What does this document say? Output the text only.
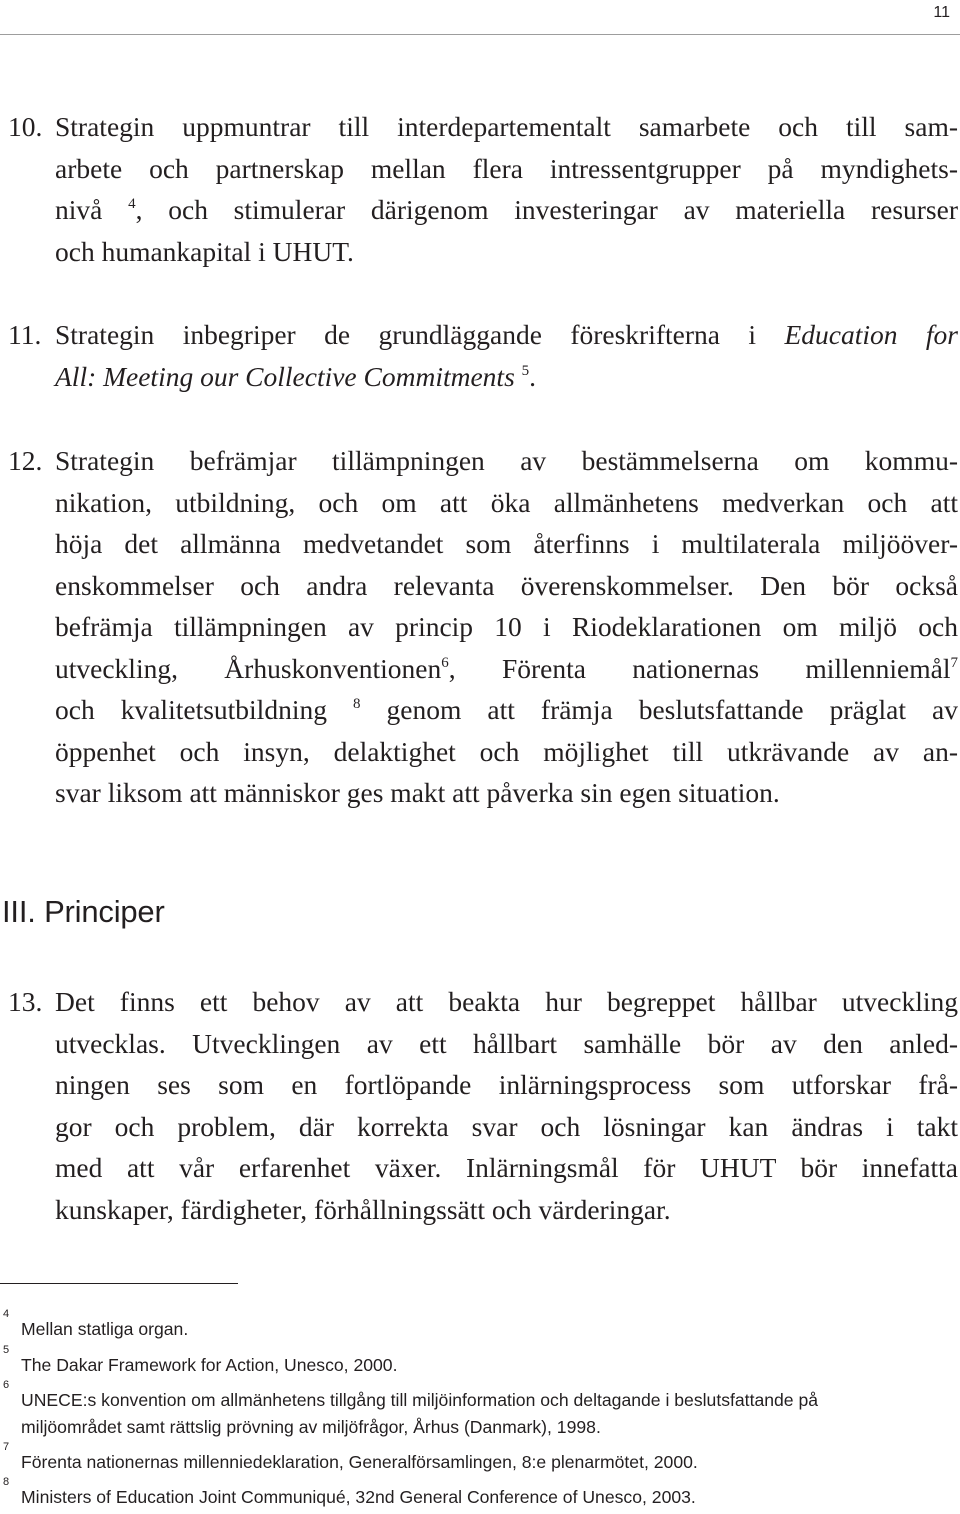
11
10. Strategin uppmuntrar till interdepartementalt samarbete och till sam-
arbete och partnerskap mellan flera intressentgrupper på myndighets-
nivå $^4$, och stimulerar därigenom investeringar av materiella resurser
och humankapital i UHUT.
11. Strategin inbegriper de grundläggande föreskrifterna i Education for
All: Meeting our Collective Commitments $^5$.
12. Strategin befrämjar tillämpningen av bestämmelserna om kommu-
nikation, utbildning, och om att öka allmänhetens medverkan och att
höja det allmänna medvetandet som återfinns i multilaterala miljööver-
enskommelser och andra relevanta överenskommelser. Den bör också
befrämja tillämpningen av princip 10 i Riodeklarationen om miljö och
utveckling, Århuskonventionen$^6$, Förenta nationernas millenniemål$^7$
och kvalitetsutbildning $^8$ genom att främja beslutsfattande präglat av
öppenhet och insyn, delaktighet och möjlighet till utkrävande av an-
svar liksom att människor ges makt att påverka sin egen situation.
III. Principer
13. Det finns ett behov av att beakta hur begreppet hållbar utveckling
utvecklas. Utvecklingen av ett hållbart samhälle bör av den anled-
ningen ses som en fortlöpande inlärningsprocess som utforskar frå-
gor och problem, där korrekta svar och lösningar kan ändras i takt
med att vår erfarenhet växer. Inlärningsmål för UHUT bör innefatta
kunskaper, färdigheter, förhållningssätt och värderingar.
4
Mellan statliga organ.
5
The Dakar Framework for Action, Unesco, 2000.
6
UNECE:s konvention om allmänhetens tillgång till miljöinformation och deltagande i beslutsfattande på
miljöområdet samt rättslig prövning av miljöfrågor, Århus (Danmark), 1998.
7
Förenta nationernas millenniedeklaration, Generalförsamlingen, 8:e plenarmötet, 2000.
8
Ministers of Education Joint Communiqué, 32nd General Conference of Unesco, 2003.
